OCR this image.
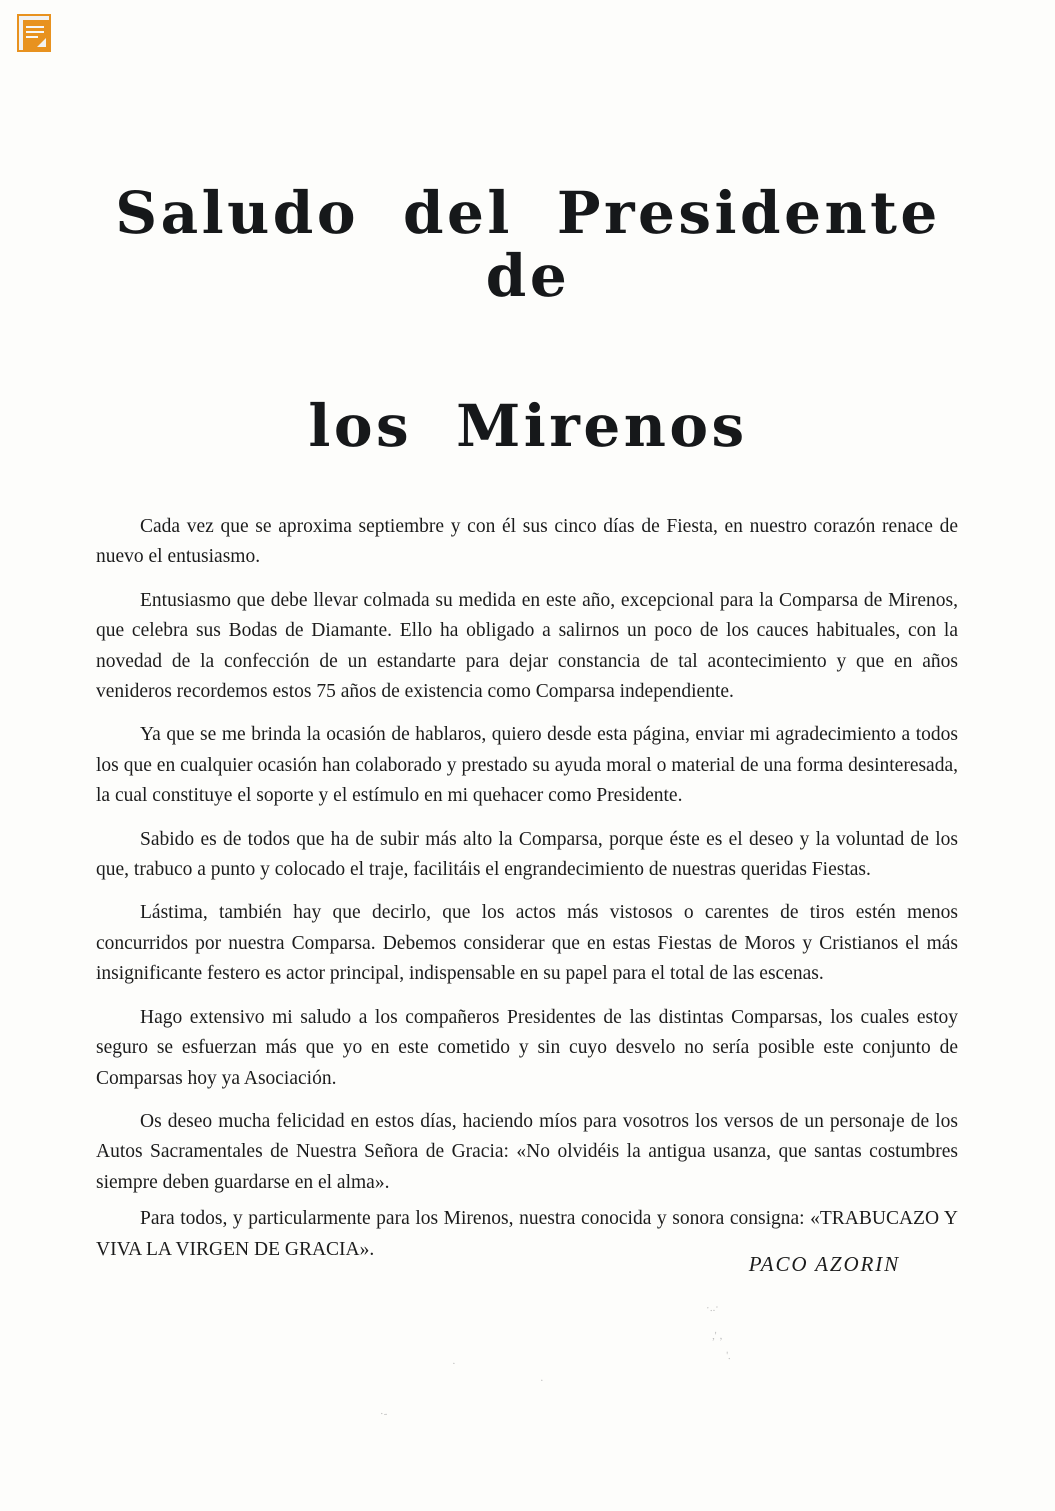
Saludo del Presidente de
los Mirenos

Cada vez que se aproxima septiembre y con él sus cinco días de Fiesta, en nuestro corazón renace de nuevo el entusiasmo.

Entusiasmo que debe llevar colmada su medida en este año, excepcional para la Comparsa de Mirenos, que celebra sus Bodas de Diamante. Ello ha obligado a salirnos un poco de los cauces habituales, con la novedad de la confección de un estandarte para dejar constancia de tal acontecimiento y que en años venideros recordemos estos 75 años de existencia como Comparsa independiente.

Ya que se me brinda la ocasión de hablaros, quiero desde esta página, enviar mi agradecimiento a todos los que en cualquier ocasión han colaborado y prestado su ayuda moral o material de una forma desinteresada, la cual constituye el soporte y el estímulo en mi quehacer como Presidente.

Sabido es de todos que ha de subir más alto la Comparsa, porque éste es el deseo y la voluntad de los que, trabuco a punto y colocado el traje, facilitáis el engrandecimiento de nuestras queridas Fiestas.

Lástima, también hay que decirlo, que los actos más vistosos o carentes de tiros estén menos concurridos por nuestra Comparsa. Debemos considerar que en estas Fiestas de Moros y Cristianos el más insignificante festero es actor principal, indispensable en su papel para el total de las escenas.

Hago extensivo mi saludo a los compañeros Presidentes de las distintas Comparsas, los cuales estoy seguro se esfuerzan más que yo en este cometido y sin cuyo desvelo no sería posible este conjunto de Comparsas hoy ya Asociación.

Os deseo mucha felicidad en estos días, haciendo míos para vosotros los versos de un personaje de los Autos Sacramentales de Nuestra Señora de Gracia: «No olvidéis la antigua usanza, que santas costumbres siempre deben guardarse en el alma».

Para todos, y particularmente para los Mirenos, nuestra conocida y sonora consigna: «TRABUCAZO Y VIVA LA VIRGEN DE GRACIA».

PACO AZORIN
·..·
,' ,
'.
·
·
·-
